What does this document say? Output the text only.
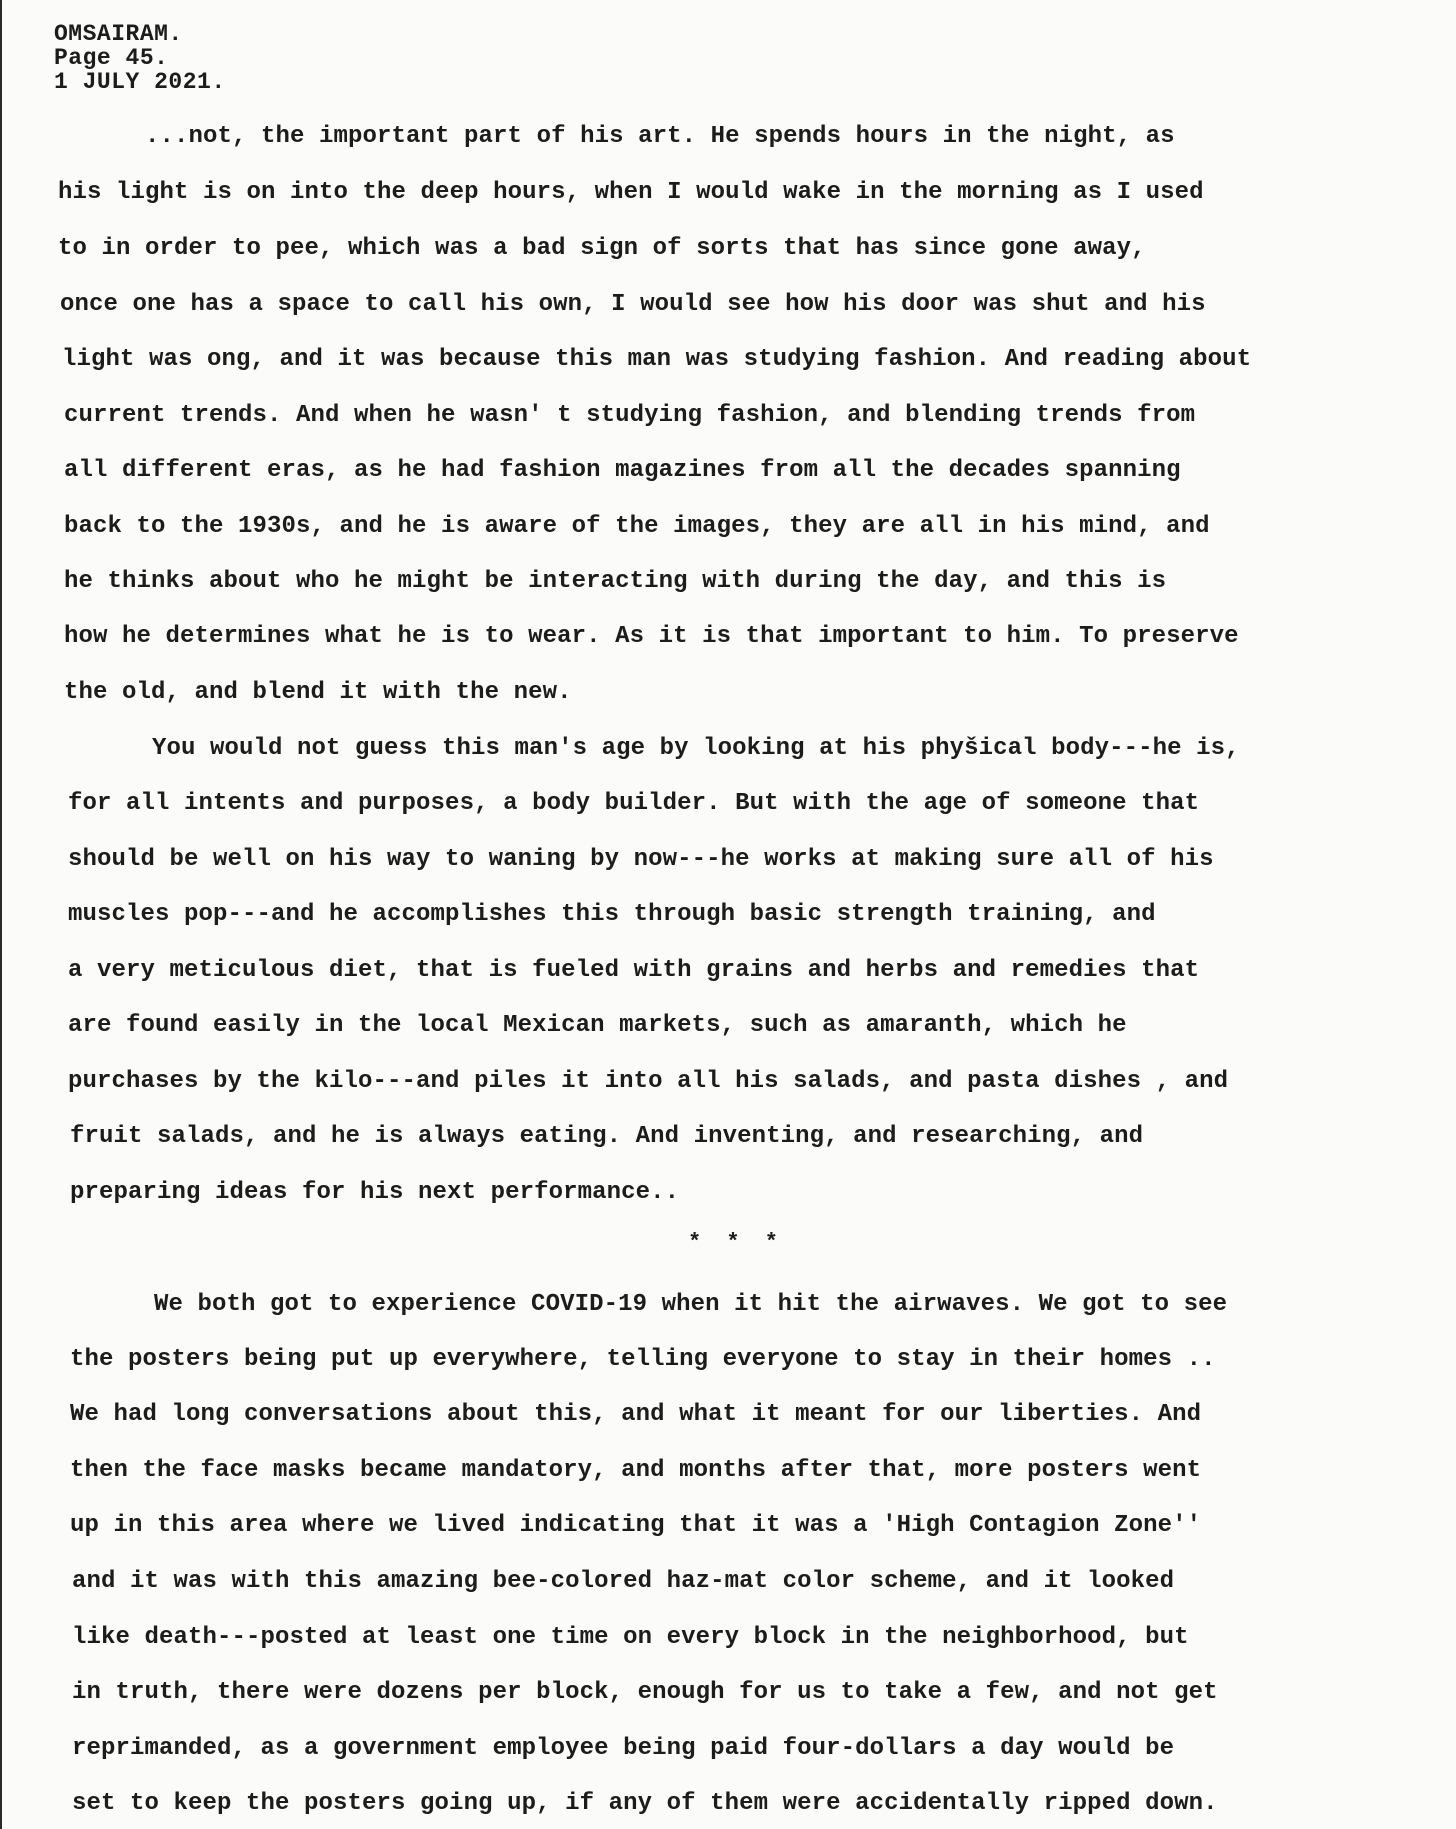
OMSAIRAM.
Page 45.
1 JULY 2021.
...not, the important part of his art. He spends hours in the night, as
his light is on into the deep hours, when I would wake in the morning as I used
to in order to pee, which was a bad sign of sorts that has since gone away,
once one has a space to call his own, I would see how his door was shut and his
light was ong, and it was because this man was studying fashion. And reading about
current trends. And when he wasn' t studying fashion, and blending trends from
all different eras, as he had fashion magazines from all the decades spanning
back to the 1930s, and he is aware of the images, they are all in his mind, and
he thinks about who he might be interacting with during the day, and this is
how he determines what he is to wear. As it is that important to him. To preserve
the old, and blend it with the new.
You would not guess this man's age by looking at his phyšical body---he is,
for all intents and purposes, a body builder. But with the age of someone that
should be well on his way to waning by now---he works at making sure all of his
muscles pop---and he accomplishes this through basic strength training, and
a very meticulous diet, that is fueled with grains and herbs and remedies that
are found easily in the local Mexican markets, such as amaranth, which he
purchases by the kilo---and piles it into all his salads, and pasta dishes , and
fruit salads, and he is always eating. And inventing, and researching, and
preparing ideas for his next performance..
* * *
We both got to experience COVID-19 when it hit the airwaves. We got to see
the posters being put up everywhere, telling everyone to stay in their homes ..
We had long conversations about this, and what it meant for our liberties. And
then the face masks became mandatory, and months after that, more posters went
up in this area where we lived indicating that it was a 'High Contagion Zone''
and it was with this amazing bee-colored haz-mat color scheme, and it looked
like death---posted at least one time on every block in the neighborhood, but
in truth, there were dozens per block, enough for us to take a few, and not get
reprimanded, as a government employee being paid four-dollars a day would be
set to keep the posters going up, if any of them were accidentally ripped down.
